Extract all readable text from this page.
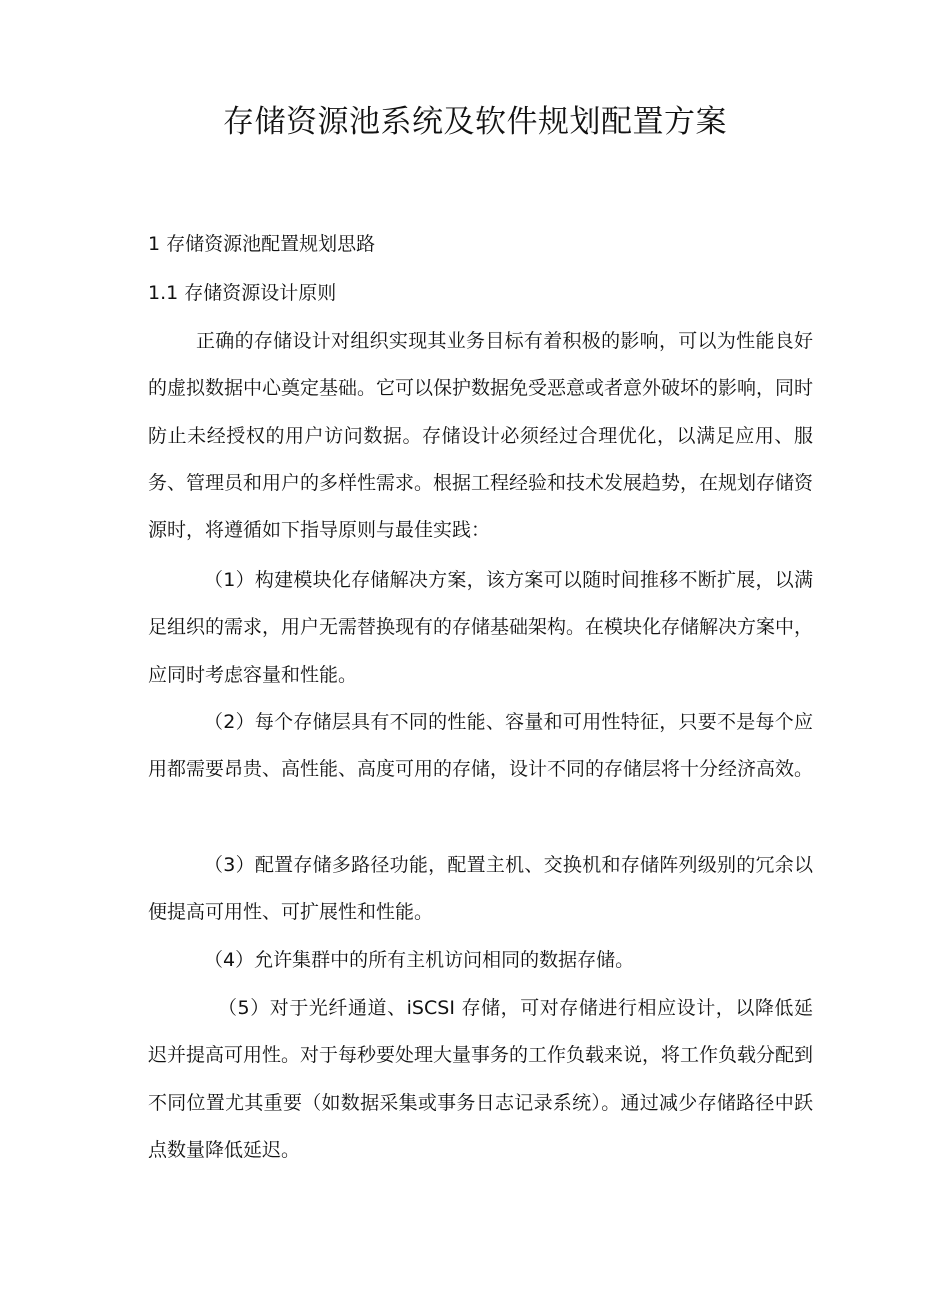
存储资源池系统及软件规划配置方案
1 存储资源池配置规划思路
1.1 存储资源设计原则
正确的存储设计对组织实现其业务目标有着积极的影响，可以为性能良好的虚拟数据中心奠定基础。它可以保护数据免受恶意或者意外破坏的影响，同时防止未经授权的用户访问数据。存储设计必须经过合理优化，以满足应用、服务、管理员和用户的多样性需求。根据工程经验和技术发展趋势，在规划存储资源时，将遵循如下指导原则与最佳实践：
（1）构建模块化存储解决方案，该方案可以随时间推移不断扩展，以满足组织的需求，用户无需替换现有的存储基础架构。在模块化存储解决方案中，应同时考虑容量和性能。
（2）每个存储层具有不同的性能、容量和可用性特征，只要不是每个应用都需要昂贵、高性能、高度可用的存储，设计不同的存储层将十分经济高效。
（3）配置存储多路径功能，配置主机、交换机和存储阵列级别的冗余以便提高可用性、可扩展性和性能。
（4）允许集群中的所有主机访问相同的数据存储。
（5）对于光纤通道、iSCSI 存储，可对存储进行相应设计，以降低延迟并提高可用性。对于每秒要处理大量事务的工作负载来说，将工作负载分配到不同位置尤其重要（如数据采集或事务日志记录系统）。通过减少存储路径中跃点数量降低延迟。
